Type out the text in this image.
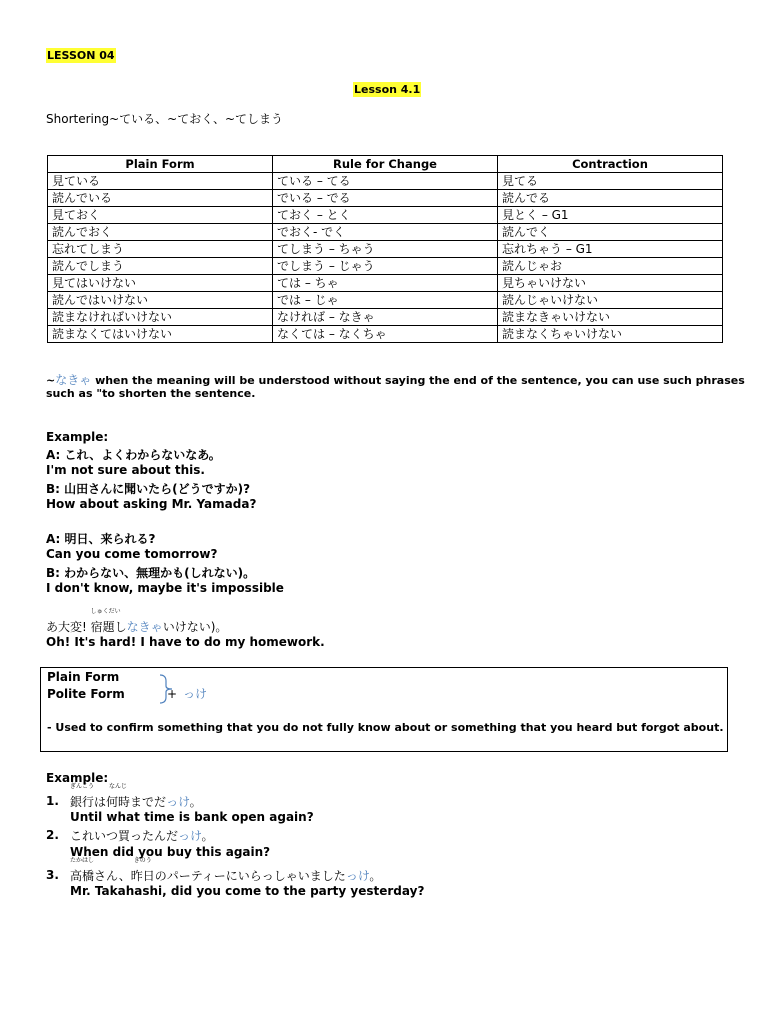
LESSON 04
Lesson 4.1
Shortering~ている、~ておく、~てしまう
Plain Form	Rule for Change	Contraction
見ている	ている – てる	見てる
読んでいる	でいる – でる	読んでる
見ておく	ておく – とく	見とく – G1
読んでおく	でおく- でく	読んでく
忘れてしまう	てしまう – ちゃう	忘れちゃう – G1
読んでしまう	でしまう – じゃう	読んじゃお
見てはいけない	ては – ちゃ	見ちゃいけない
読んではいけない	では – じゃ	読んじゃいけない
読まなければいけない	なければ – なきゃ	読まなきゃいけない
読まなくてはいけない	なくては – なくちゃ	読まなくちゃいけない
~なきゃ when the meaning will be understood without saying the end of the sentence, you can use such phrases
such as "to shorten the sentence.
Example:
A: これ、よくわからないなあ。
I'm not sure about this.
B: 山田さんに聞いたら(どうですか)?
How about asking Mr. Yamada?
A: 明日、来られる?
Can you come tomorrow?
B: わからない、無理かも(しれない)。
I don't know, maybe it's impossible
あ大変!
しゅくだい
宿題しなきゃいけない)。
Oh! It's hard! I have to do my homework.
Plain Form
Polite Form	+ っけ
- Used to confirm something that you do not fully know about or something that you heard but forgot about.
Example:
1.
ぎんこう
銀行は
なんじ
何時までだっけ。
Until what time is bank open again?
2. これいつ買ったんだっけ。
When did you buy this again?
3.
たかはし
高橋さん、
きのう
昨日のパーティーにいらっしゃいましたっけ。
Mr. Takahashi, did you come to the party yesterday?
